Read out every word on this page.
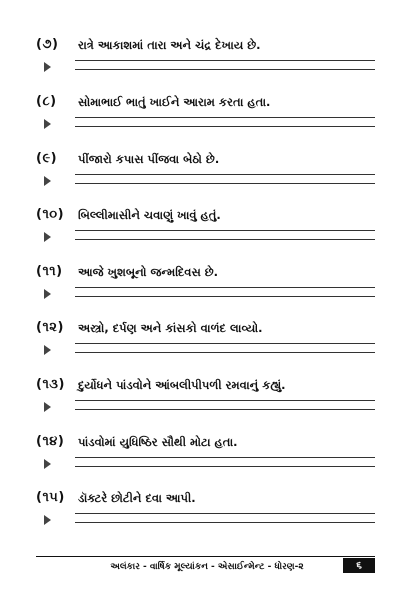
(૭) રાત્રે આકાશમાં તારા અને ચંદ્ર દેખાય છે.
(૮) સોમાભાઈ ભાતું ખાઈને આરામ કરતા હતા.
(૯) પીંજારો કપાસ પીંજવા બેઠો છે.
(૧૦) બિલ્લીમાસીને ચવાણું ખાવું હતું.
(૧૧) આજે ખુશબૂનો જન્મદિવસ છે.
(૧૨) અસ્ત્રો, દર્પણ અને કાંસકો વાળંદ લાવ્યો.
(૧૩) દુર્યોધને પાંડવોને આંબલીપીપળી રમવાનું કહ્યું.
(૧૪) પાંડવોમાં યુધિષ્ઠિર સૌથી મોટા હતા.
(૧૫) ડૉક્ટરે છોટીને દવા આપી.
અલંકાર - વાર્ષિક મૂલ્યાંકન - એસાઈન્મેન્ટ - ધોરણ-૨	૬
